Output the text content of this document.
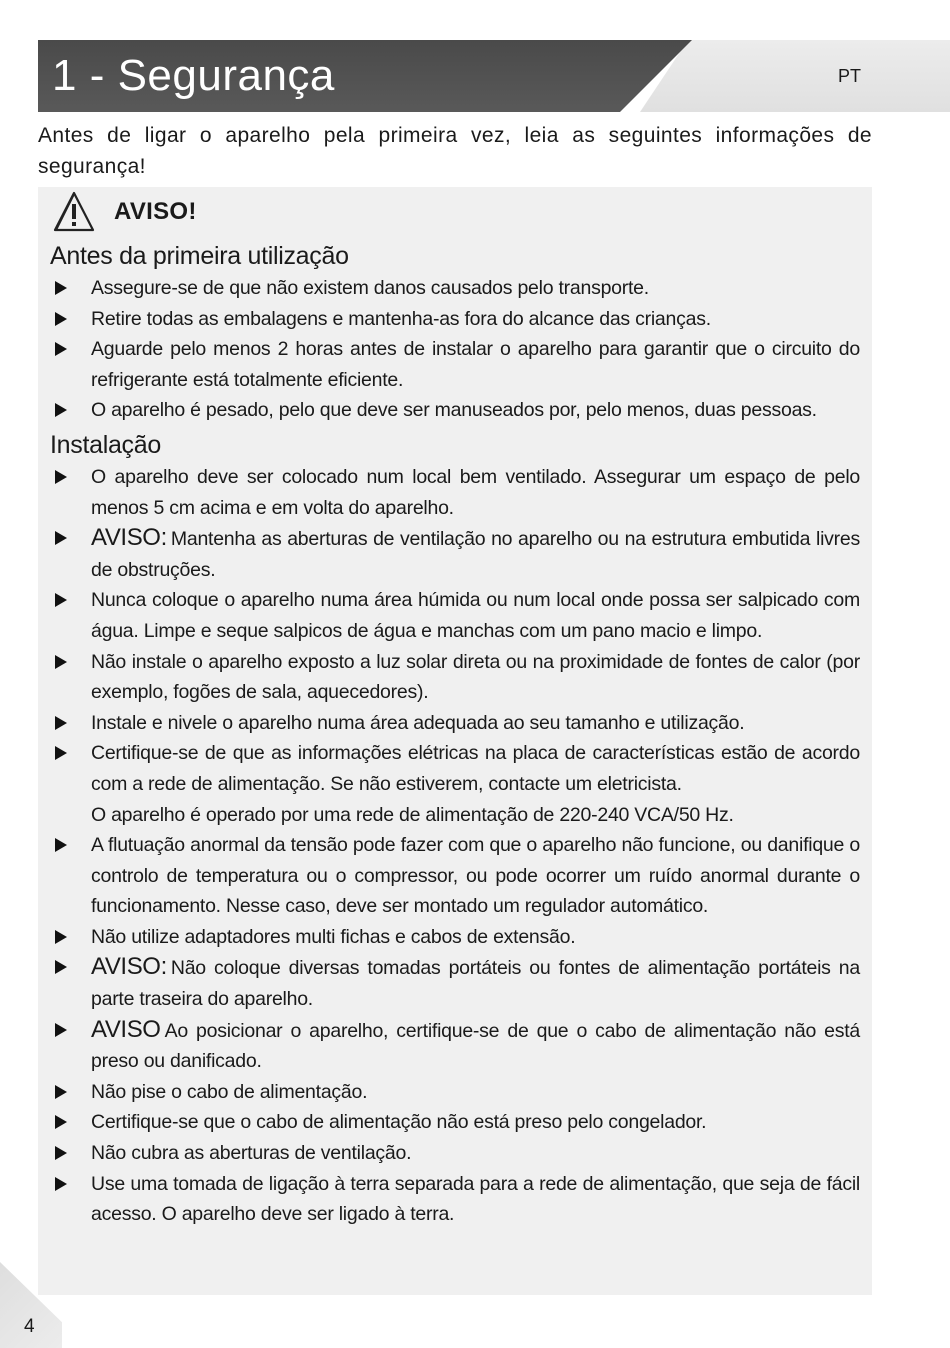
1 - Segurança	PT

Antes de ligar o aparelho pela primeira vez, leia as seguintes informações de segurança!

AVISO!
Antes da primeira utilização
Assegure-se de que não existem danos causados pelo transporte.
Retire todas as embalagens e mantenha-as fora do alcance das crianças.
Aguarde pelo menos 2 horas antes de instalar o aparelho para garantir que o circuito do refrigerante está totalmente eficiente.
O aparelho é pesado, pelo que deve ser manuseados por, pelo menos, duas pessoas.
Instalação
O aparelho deve ser colocado num local bem ventilado. Assegurar um espaço de pelo menos 5 cm acima e em volta do aparelho.
AVISO: Mantenha as aberturas de ventilação no aparelho ou na estrutura embutida livres de obstruções.
Nunca coloque o aparelho numa área húmida ou num local onde possa ser salpicado com água. Limpe e seque salpicos de água e manchas com um pano macio e limpo.
Não instale o aparelho exposto a luz solar direta ou na proximidade de fontes de calor (por exemplo, fogões de sala, aquecedores).
Instale e nivele o aparelho numa área adequada ao seu tamanho e utilização.
Certifique-se de que as informações elétricas na placa de características estão de acordo com a rede de alimentação. Se não estiverem, contacte um eletricista.
O aparelho é operado por uma rede de alimentação de 220-240 VCA/50 Hz.
A flutuação anormal da tensão pode fazer com que o aparelho não funcione, ou danifique o controlo de temperatura ou o compressor, ou pode ocorrer um ruído anormal durante o funcionamento. Nesse caso, deve ser montado um regulador automático.
Não utilize adaptadores multi fichas e cabos de extensão.
AVISO: Não coloque diversas tomadas portáteis ou fontes de alimentação portáteis na parte traseira do aparelho.
AVISO Ao posicionar o aparelho, certifique-se de que o cabo de alimentação não está preso ou danificado.
Não pise o cabo de alimentação.
Certifique-se que o cabo de alimentação não está preso pelo congelador.
Não cubra as aberturas de ventilação.
Use uma tomada de ligação à terra separada para a rede de alimentação, que seja de fácil acesso. O aparelho deve ser ligado à terra.
4
